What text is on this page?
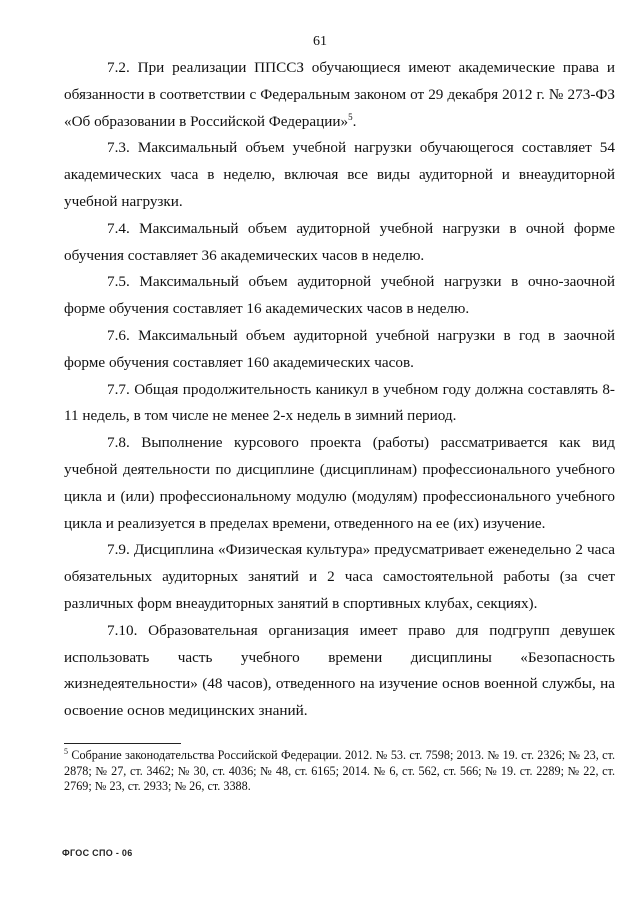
61

7.2. При реализации ППССЗ обучающиеся имеют академические права и обязанности в соответствии с Федеральным законом от 29 декабря 2012 г. № 273-ФЗ «Об образовании в Российской Федерации»$^5$.

7.3. Максимальный объем учебной нагрузки обучающегося составляет 54 академических часа в неделю, включая все виды аудиторной и внеаудиторной учебной нагрузки.

7.4. Максимальный объем аудиторной учебной нагрузки в очной форме обучения составляет 36 академических часов в неделю.

7.5. Максимальный объем аудиторной учебной нагрузки в очно-заочной форме обучения составляет 16 академических часов в неделю.

7.6. Максимальный объем аудиторной учебной нагрузки в год в заочной форме обучения составляет 160 академических часов.

7.7. Общая продолжительность каникул в учебном году должна составлять 8-11 недель, в том числе не менее 2-х недель в зимний период.

7.8. Выполнение курсового проекта (работы) рассматривается как вид учебной деятельности по дисциплине (дисциплинам) профессионального учебного цикла и (или) профессиональному модулю (модулям) профессионального учебного цикла и реализуется в пределах времени, отведенного на ее (их) изучение.

7.9. Дисциплина «Физическая культура» предусматривает еженедельно 2 часа обязательных аудиторных занятий и 2 часа самостоятельной работы (за счет различных форм внеаудиторных занятий в спортивных клубах, секциях).

7.10. Образовательная организация имеет право для подгрупп девушек использовать часть учебного времени дисциплины «Безопасность жизнедеятельности» (48 часов), отведенного на изучение основ военной службы, на освоение основ медицинских знаний.

$^5$ Собрание законодательства Российской Федерации. 2012. № 53. ст. 7598; 2013. № 19. ст. 2326; № 23, ст. 2878; № 27, ст. 3462; № 30, ст. 4036; № 48, ст. 6165; 2014. № 6, ст. 562, ст. 566; № 19. ст. 2289; № 22, ст. 2769; № 23, ст. 2933; № 26, ст. 3388.
ФГОС СПО - 06
